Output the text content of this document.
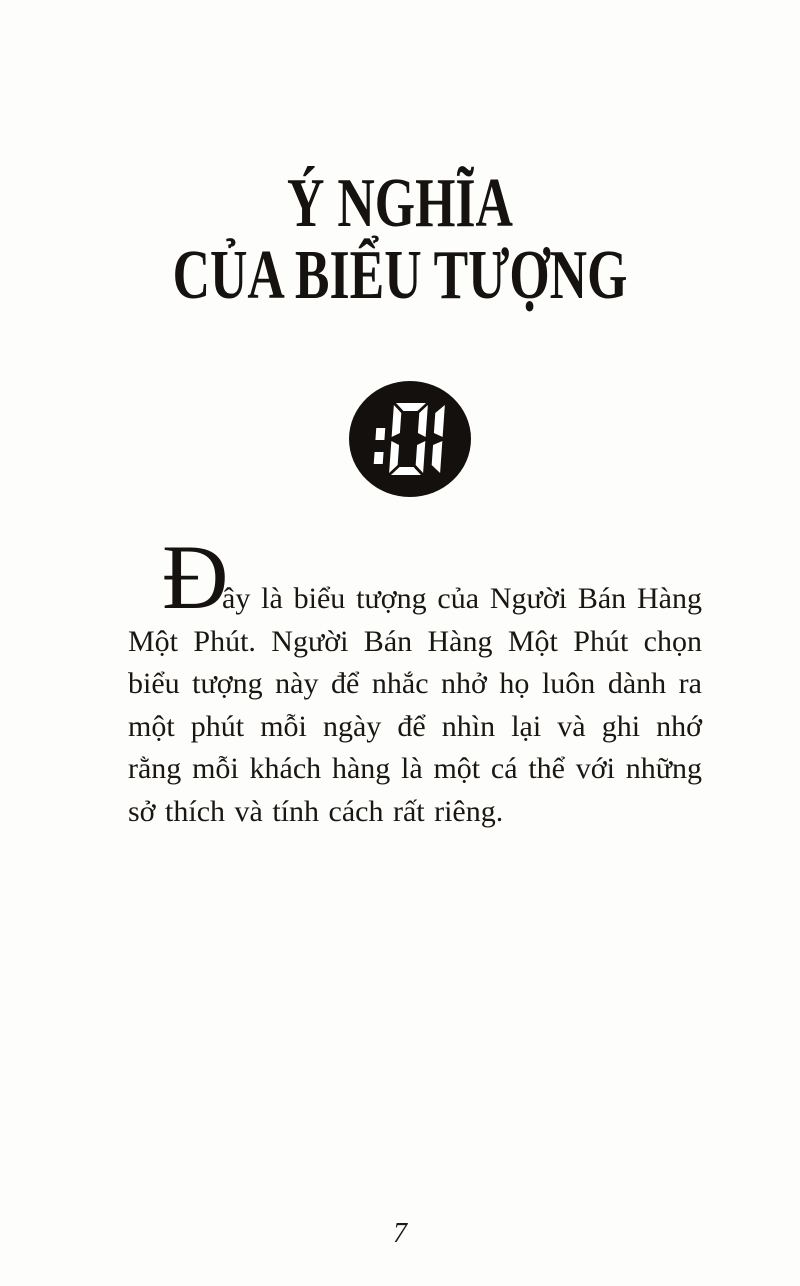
Ý NGHĨA
CỦA BIỂU TƯỢNG
Đ

ây là biểu tượng của Người Bán Hàng Một Phút. Người Bán Hàng Một Phút chọn biểu tượng này để nhắc nhở họ luôn dành ra một phút mỗi ngày để nhìn lại và ghi nhớ rằng mỗi khách hàng là một cá thể với những sở thích và tính cách rất riêng.

7
